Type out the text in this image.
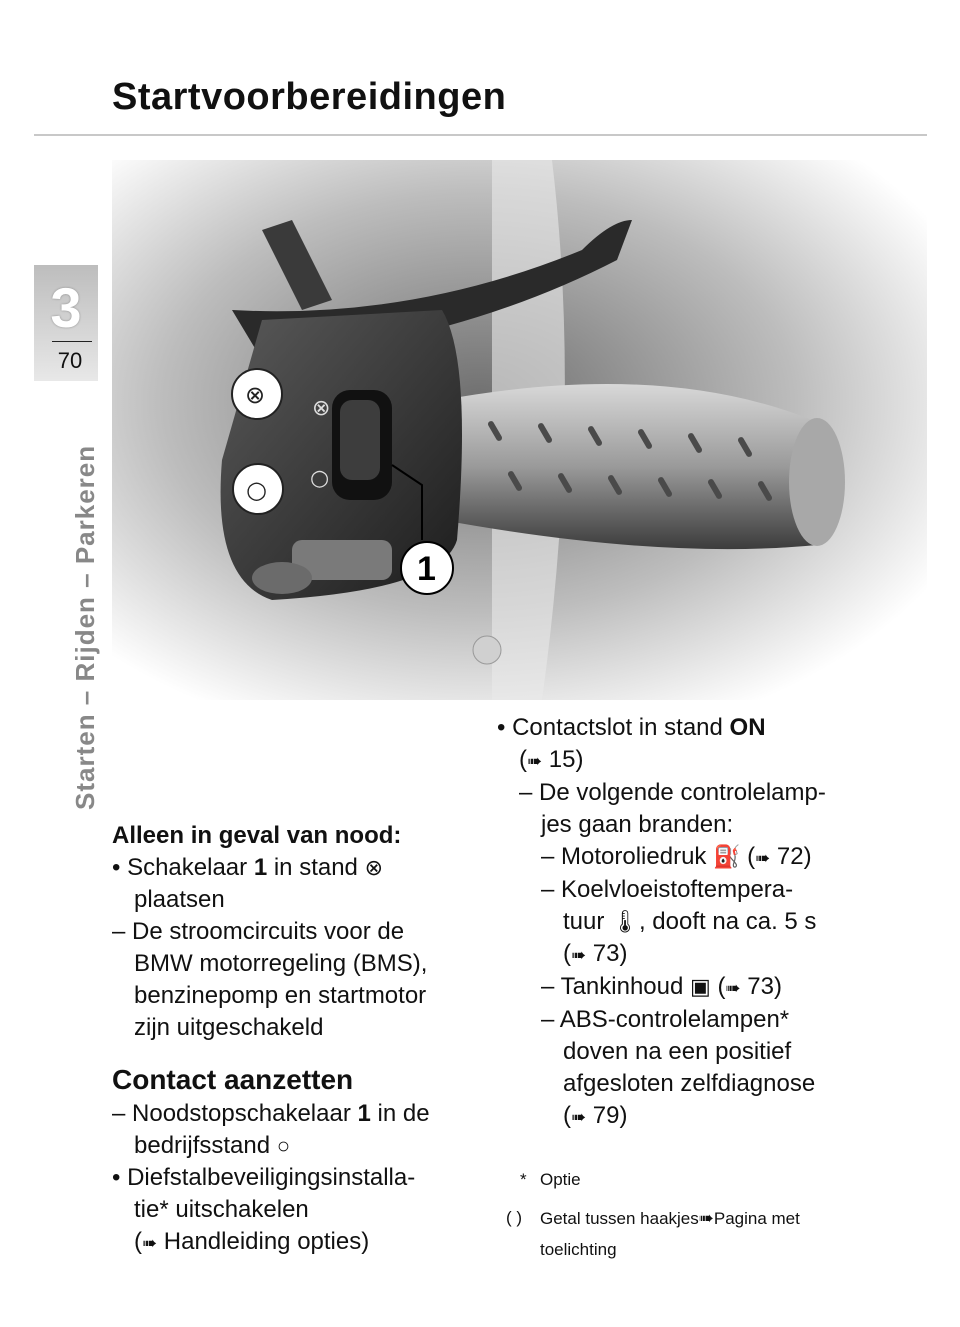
Startvoorbereidingen
3
70
Starten – Rijden – Parkeren
⊗
○
⊗
○
1

Alleen in geval van nood:

• Schakelaar 1 in stand ⊗

plaatsen

– De stroomcircuits voor de

BMW motorregeling (BMS),

benzinepomp en startmotor

zijn uitgeschakeld

Contact aanzetten

– Noodstopschakelaar 1 in de

bedrijfsstand ○

• Diefstalbeveiligingsinstalla-

tie* uitschakelen

(➠ Handleiding opties)

• Contactslot in stand ON

(➠ 15)

– De volgende controlelamp-

jes gaan branden:

– Motoroliedruk ⛽ (➠ 72)

– Koelvloeistoftempera-

tuur 🌡, dooft na ca. 5 s

(➠ 73)

– Tankinhoud ▣ (➠ 73)

– ABS-controlelampen*

doven na een positief

afgesloten zelfdiagnose

(➠ 79)

* Optie
( ) Getal tussen haakjes➠Pagina met
toelichting
